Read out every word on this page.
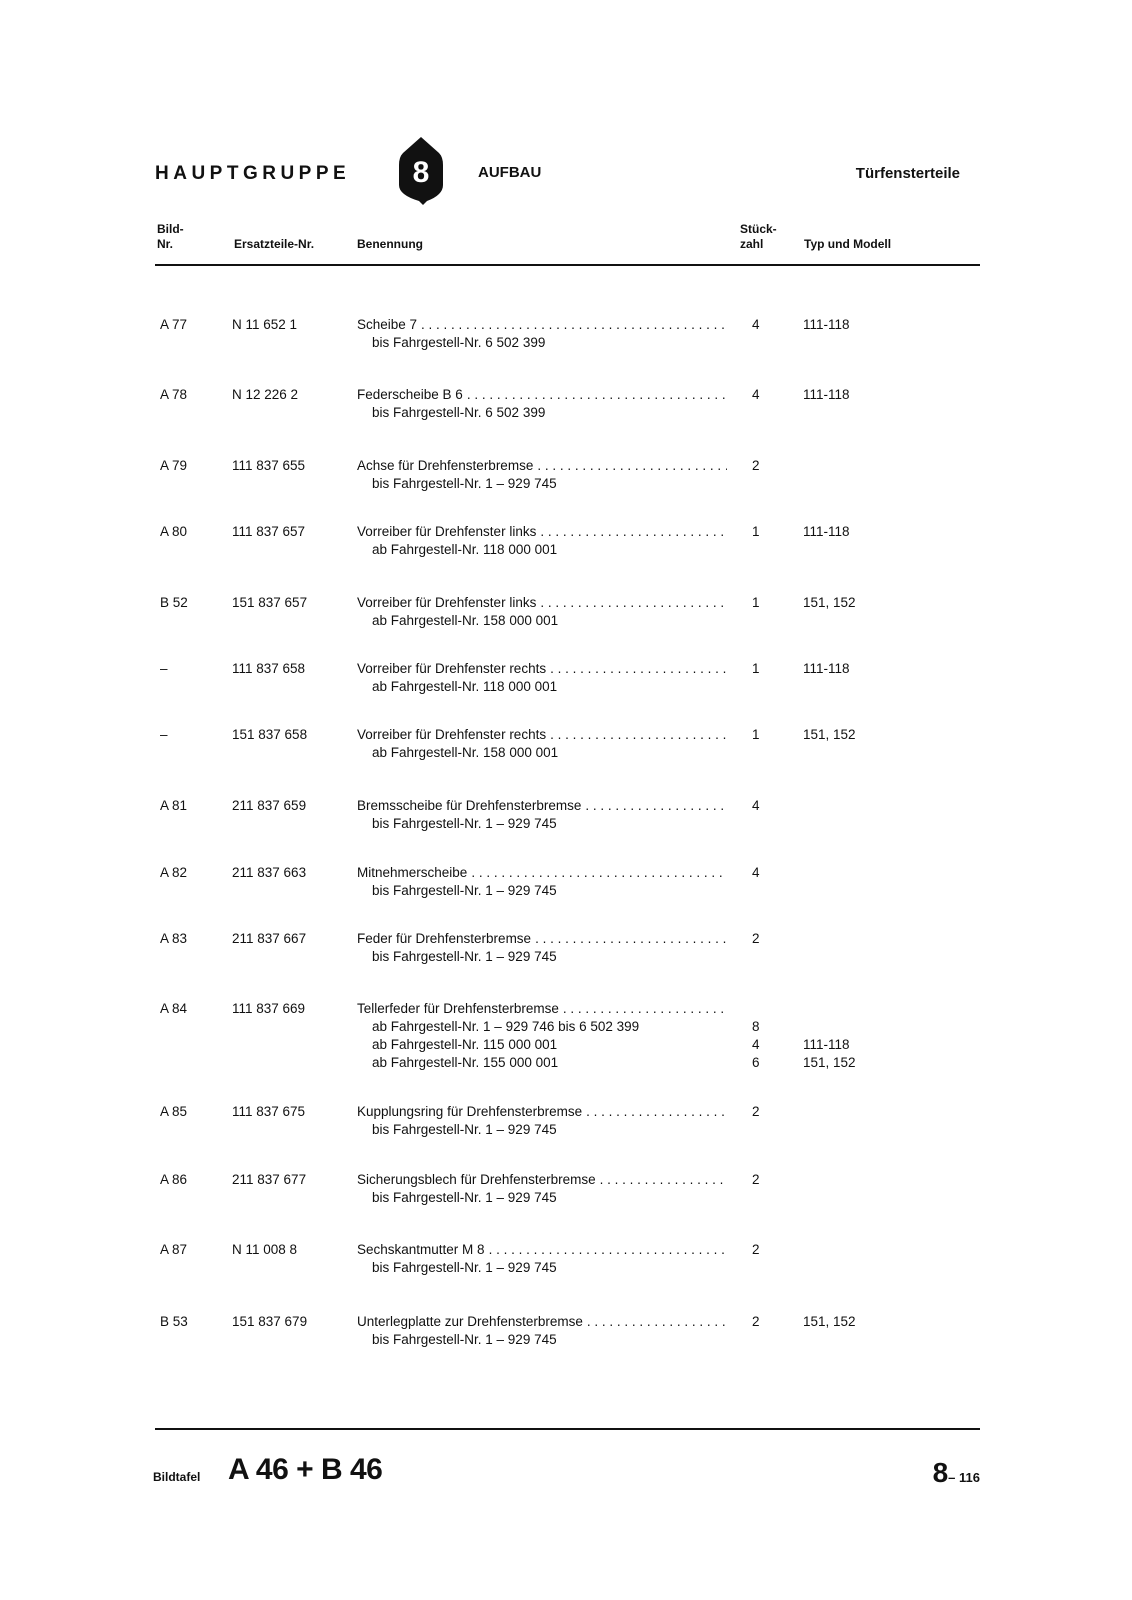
HAUPTGRUPPE 8	AUFBAU	Türfensterteile
Bild-
Nr.	Ersatzteile-Nr.	Benennung
Stück-
zahl	Typ und Modell
A 77	N 11 652 1	Scheibe 7 . . .	4	111-118
bis Fahrgestell-Nr. 6 502 399
A 78	N 12 226 2	Federscheibe B 6 . . .	4	111-118
bis Fahrgestell-Nr. 6 502 399
A 79	111 837 655	Achse für Drehfensterbremse . . .	2
bis Fahrgestell-Nr. 1 – 929 745
A 80	111 837 657	Vorreiber für Drehfenster links . . .	1	111-118
ab Fahrgestell-Nr. 118 000 001
B 52	151 837 657	Vorreiber für Drehfenster links . . .	1	151, 152
ab Fahrgestell-Nr. 158 000 001
–	111 837 658	Vorreiber für Drehfenster rechts . . .	1	111-118
ab Fahrgestell-Nr. 118 000 001
–	151 837 658	Vorreiber für Drehfenster rechts . . .	1	151, 152
ab Fahrgestell-Nr. 158 000 001
A 81	211 837 659	Bremsscheibe für Drehfensterbremse . . .	4
bis Fahrgestell-Nr. 1 – 929 745
A 82	211 837 663	Mitnehmerscheibe . . .	4
bis Fahrgestell-Nr. 1 – 929 745
A 83	211 837 667	Feder für Drehfensterbremse . . .	2
bis Fahrgestell-Nr. 1 – 929 745
A 84	111 837 669	Tellerfeder für Drehfensterbremse
. . .
ab Fahrgestell-Nr. 1 – 929 746 bis 6 502 399	8
ab Fahrgestell-Nr. 115 000 001	4	111-118
ab Fahrgestell-Nr. 155 000 001	6	151, 152
A 85	111 837 675	Kupplungsring für Drehfensterbremse . . .	2
bis Fahrgestell-Nr. 1 – 929 745
A 86	211 837 677	Sicherungsblech für Drehfensterbremse . . .	2
bis Fahrgestell-Nr. 1 – 929 745
A 87	N 11 008 8	Sechskantmutter M 8 . . .	2
bis Fahrgestell-Nr. 1 – 929 745
B 53	151 837 679	Unterlegplatte zur Drehfensterbremse . . .	2	151, 152
bis Fahrgestell-Nr. 1 – 929 745
Bildtafel A 46 + B 46	8– 116
